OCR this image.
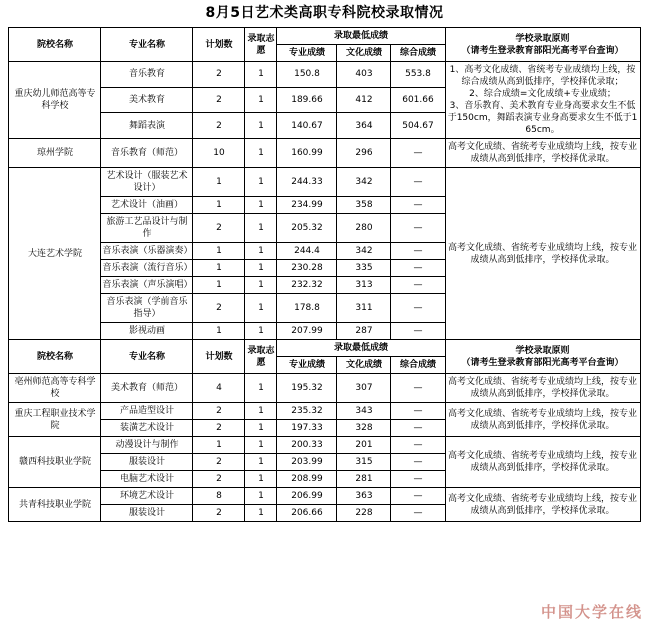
8月5日艺术类高职专科院校录取情况
院校名称	专业名称	计划数	录取志愿	录取最低成绩			学校录取原则
（请考生登录教育部阳光高考平台查询）

				专业成绩	文化成绩	综合成绩	
重庆幼儿师范高等专科学校	音乐教育	2	1	150.8	403	553.8	1、高考文化成绩、省统考专业成绩均上线，按综合成绩从高到低排序，学校择优录取；
2、综合成绩=文化成绩+专业成绩；
3、音乐教育、美术教育专业身高要求女生不低于150cm，舞蹈表演专业身高要求女生不低于165cm。

	美术教育	2	1	189.66	412	601.66	
	舞蹈表演	2	1	140.67	364	504.67	
琼州学院	音乐教育（师范）	10	1	160.99	296	—	高考文化成绩、省统考专业成绩均上线，按专业成绩从高到低排序，学校择优录取。

大连艺术学院	艺术设计（服装艺术设计）	1	1	244.33	342	—	高考文化成绩、省统考专业成绩均上线，按专业成绩从高到低排序，学校择优录取。

	艺术设计（油画）	1	1	234.99	358	—	
	旅游工艺品设计与制作	2	1	205.32	280	—	
	音乐表演（乐器演奏）	1	1	244.4	342	—	
	音乐表演（流行音乐）	1	1	230.28	335	—	
	音乐表演（声乐演唱）	1	1	232.32	313	—	
	音乐表演（学前音乐指导）	2	1	178.8	311	—	
	影视动画	1	1	207.99	287	—	
院校名称	专业名称	计划数	录取志愿	录取最低成绩			学校录取原则
（请考生登录教育部阳光高考平台查询）

				专业成绩	文化成绩	综合成绩	
亳州师范高等专科学校	美术教育（师范）	4	1	195.32	307	—	高考文化成绩、省统考专业成绩均上线，按专业成绩从高到低排序，学校择优录取。

重庆工程职业技术学院	产品造型设计	2	1	235.32	343	—	高考文化成绩、省统考专业成绩均上线，按专业成绩从高到低排序，学校择优录取。

	装潢艺术设计	2	1	197.33	328	—	
赣西科技职业学院	动漫设计与制作	1	1	200.33	201	—	高考文化成绩、省统考专业成绩均上线，按专业成绩从高到低排序，学校择优录取。

	服装设计	2	1	203.99	315	—	
	电脑艺术设计	2	1	208.99	281	—	
共青科技职业学院	环境艺术设计	8	1	206.99	363	—	高考文化成绩、省统考专业成绩均上线，按专业成绩从高到低排序，学校择优录取。

	服装设计	2	1	206.66	228	—	
中国大学在线
